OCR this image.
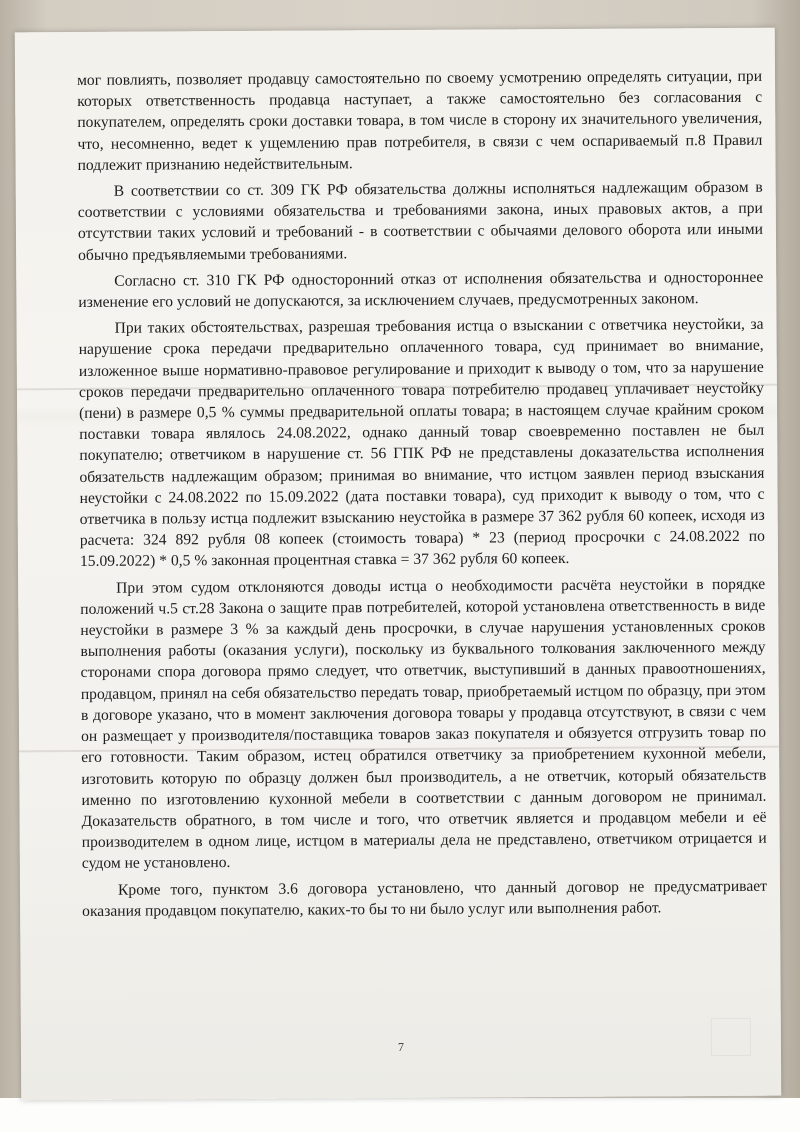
мог повлиять, позволяет продавцу самостоятельно по своему усмотрению определять ситуации, при которых ответственность продавца наступает, а также самостоятельно без согласования с покупателем, определять сроки доставки товара, в том числе в сторону их значительного увеличения, что, несомненно, ведет к ущемлению прав потребителя, в связи с чем оспариваемый п.8 Правил подлежит признанию недействительным.

В соответствии со ст. 309 ГК РФ обязательства должны исполняться надлежащим образом в соответствии с условиями обязательства и требованиями закона, иных правовых актов, а при отсутствии таких условий и требований - в соответствии с обычаями делового оборота или иными обычно предъявляемыми требованиями.

Согласно ст. 310 ГК РФ односторонний отказ от исполнения обязательства и одностороннее изменение его условий не допускаются, за исключением случаев, предусмотренных законом.

При таких обстоятельствах, разрешая требования истца о взыскании с ответчика неустойки, за нарушение срока передачи предварительно оплаченного товара, суд принимает во внимание, изложенное выше нормативно-правовое регулирование и приходит к выводу о том, что за нарушение сроков передачи предварительно оплаченного товара потребителю продавец уплачивает неустойку (пени) в размере 0,5 % суммы предварительной оплаты товара; в настоящем случае крайним сроком поставки товара являлось 24.08.2022, однако данный товар своевременно поставлен не был покупателю; ответчиком в нарушение ст. 56 ГПК РФ не представлены доказательства исполнения обязательств надлежащим образом; принимая во внимание, что истцом заявлен период взыскания неустойки с 24.08.2022 по 15.09.2022 (дата поставки товара), суд приходит к выводу о том, что с ответчика в пользу истца подлежит взысканию неустойка в размере 37 362 рубля 60 копеек, исходя из расчета: 324 892 рубля 08 копеек (стоимость товара) * 23 (период просрочки с 24.08.2022 по 15.09.2022) * 0,5 % законная процентная ставка = 37 362 рубля 60 копеек.

При этом судом отклоняются доводы истца о необходимости расчёта неустойки в порядке положений ч.5 ст.28 Закона о защите прав потребителей, которой установлена ответственность в виде неустойки в размере 3 % за каждый день просрочки, в случае нарушения установленных сроков выполнения работы (оказания услуги), поскольку из буквального толкования заключенного между сторонами спора договора прямо следует, что ответчик, выступивший в данных правоотношениях, продавцом, принял на себя обязательство передать товар, приобретаемый истцом по образцу, при этом в договоре указано, что в момент заключения договора товары у продавца отсутствуют, в связи с чем он размещает у производителя/поставщика товаров заказ покупателя и обязуется отгрузить товар по его готовности. Таким образом, истец обратился ответчику за приобретением кухонной мебели, изготовить которую по образцу должен был производитель, а не ответчик, который обязательств именно по изготовлению кухонной мебели в соответствии с данным договором не принимал. Доказательств обратного, в том числе и того, что ответчик является и продавцом мебели и её производителем в одном лице, истцом в материалы дела не представлено, ответчиком отрицается и судом не установлено.

Кроме того, пунктом 3.6 договора установлено, что данный договор не предусматривает оказания продавцом покупателю, каких-то бы то ни было услуг или выполнения работ.

7
